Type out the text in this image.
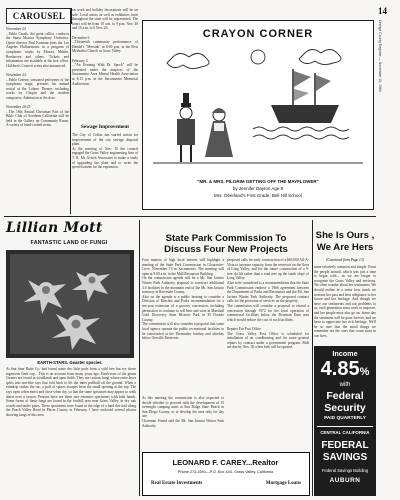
14
Orange County Register — November 15, 1964
CAROUSEL
November 24
...Pablo Casals, the great cellist, conducts the Santa Monica Symphony Orchestra. Opera director Paul Kozman joins the Los Angeles Philharmonic in a program of symphonic works by Mozart, Mahler, Beethoven and others. Tickets and information are available at the box office. Children's Concert series also announced.

November 24
...Pablo Greene, seasoned performer of the symphonic stage, presents his annual recital at the Lobero Theatre, including works by Chopin and the modern composers. Admission at the door.

November 20-25
...The 18th Annual Christmas Fair of the Bible Club of Southern California will be held in the Gallery on Community Room. A variety of hand-crafted items.
on work and holiday decorations will be on sale. Local artists as well as exhibitors from throughout the state will be represented. The hours will be from 10 a.m. to 9 p.m. Nov. 20 and 10 a.m. to 6 Nov. 26.

December 6
...Thirteenth community performance of Handel's "Messiah" at 8:00 p.m. in the First Methodist Church in Grass Valley.

February 3
..."An Evening With Dr. Spock" will be presented under the auspices of the Sacramento Area Mental Health Association at 8:15 p.m. in the Sacramento Memorial Auditorium.
Sewage Improvement
The City of Colfax has started action for improvement of the city sewage disposal plant.
At the meeting of Nov. 10 the council engaged the Grass Valley engineering firm of T. R. Mc Grisch Associates to make a study of upgrading the plant and to write the specifications for the expansion.
CRAYON CORNER
"MR. & MRS. PILGRIM GETTING OFF THE MAYFLOWER"
by Jennifer Dayton Age 8
Mrs. Oberland's First Grade, Bell Hill School
Lillian Mott
FANTASTIC LAND OF FUNGI
EARTH-STARS. Geaster species.
At that time Butte Co. had found some dry little pods from a wild tree but we chose ingenious flash cup... This is an account from many years ago. Earth-stars of the genus Geaster are found in woodlands and open fields. They are curious fungi whose outer layer splits into star-like rays that fold back to lift the inner puffball off the ground. When a raindrop strikes the sac, a puff of spores escapes from the small opening at the top. The rays open when moist and close when dry, so that the same specimen may appear to walk about over a season. Persons have not these rare treasures specimens with both hands. Some forms of these fungi are found in the foothill area near Grass Valley, in dry oak woods and under pines. These specimens were found at the edge of a hard dirt trail along the Peach Valley Road in Placer County in February. I have enclosed several photos showing fungi of this area.
State Park Commission To
Discuss Four New Projects
Four matters of high local interest will highlight a meeting of the State Park Commission in Gloucester-Cove, November 10 in Sacramento. The meeting will open at 9:00 a.m. in the Mall Resources Building.
On the commission agenda will be a Mt. San Jacinto Winter Park Authority proposal to construct additional 3.0 facilities in the mountain end of the Mt. San Jacinto tramway in Riverside County.
Also on the agenda is a public hearing to consider a Division of Beaches and Parks recommendation for a ten-year extension of a grocery concession, including permission to continue to sell beer and wine at Marshall Gold Discovery State Historic Park in El Dorado County.
The commission will also consider a proposal that some local agency operate the public recreational facilities to be constructed at the Thermalito forebay and afterbay below Oroville Reservoir.
At this meeting the commission is also expected to decide whether to proceed with the development of 15 overnight camping units at Sun Ridge State Beach in San Diego County, or to develop the area only for day use.
Chairman Friend said the Mt. San Jacinto Winter Park Authority
proposed calls for early construction of a $65,000 All-A-Vista to increase capacity from the reservoir on the floor of Long Valley, and for the future construction of a 9-tree ski lift rather than a road tree up the south slope of Long Valley.
Also to be considered is a recommendation that the State Park Commission endorse a 1966 agreement between the Department of Parks and Recreation and the Mt. San Jacinto Winter Park Authority. The proposed contract calls for the provision of services on the property.
The commission will consider a proposal to extend a concession through 1972 for the local operation of commercial facilities below the Bowman Dam area which would reduce the cost of such facilities.

Repairs For Post Office
The Grass Valley Post Office is scheduled for installation of air conditioning and for some general repairs by contract under a government program. Bids are due by Nov. 30 when bids will be opened.
LEONARD F. CAREY...Realtor
Phone 273-4591—P.O. Box 444, Grass Valley, California
Real Estate Investments	Mortgage Loans
She Is Ours ,
We Are Hers
(Continued from Page 13)
same relatively common and simple. From the people around, which was just a time to begin with... as we are longer to recognize the Grass Valley and environs. We often wonder about her sentiments. We should realize in a sense how much we treasure her past and bear allegiance to her future and her heritage. And though we have our sentiments and our problems to us, each generation must work to improve, and her people must also go on. Some day the sentiment will be gone forever, and we have to appreciate her rich heritage. We'll be so sure that the small things we remember are the ones that count most in our lives.
Income
4.85%
with
Federal
Security
PAID QUARTERLY
CENTRAL CALIFORNIA
FEDERAL
SAVINGS
Federal Savings Building
AUBURN
